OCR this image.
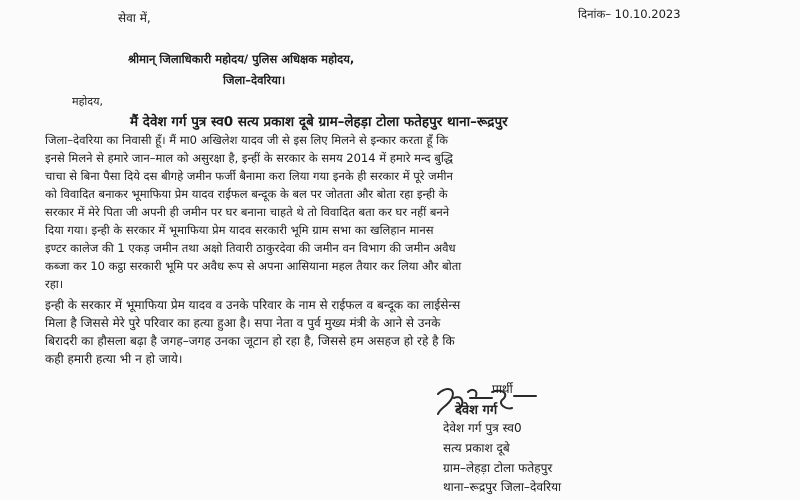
सेवा में,	दिनांक– 10.10.2023
श्रीमान् जिलाधिकारी महोदय/ पुलिस अधिक्षक महोदय,
जिला–देवरिया।
महोदय,
मैं देवेश गर्ग पुत्र स्व0 सत्य प्रकाश दूबे ग्राम–लेहड़ा टोला फतेहपुर थाना–रूद्रपुर
जिला–देवरिया का निवासी हूँ। मैं मा0 अखिलेश यादव जी से इस लिए मिलने से इन्कार करता हूँ कि
इनसे मिलने से हमारे जान–माल को असुरक्षा है, इन्हीं के सरकार के समय 2014 में हमारे मन्द बुद्धि
चाचा से बिना पैसा दिये दस बीगहे जमीन फर्जी बैनामा करा लिया गया इनके ही सरकार में पूरे जमीन
को विवादित बनाकर भूमाफिया प्रेम यादव राईफल बन्दूक के बल पर जोतता और बोता रहा इन्ही के
सरकार में मेरे पिता जी अपनी ही जमीन पर घर बनाना चाहते थे तो विवादित बता कर घर नहीं बनने
दिया गया। इन्ही के सरकार में भूमाफिया प्रेम यादव सरकारी भूमि ग्राम सभा का खलिहान मानस
इण्टर कालेज की 1 एकड़ जमीन तथा अक्षो तिवारी ठाकुरदेवा की जमीन वन विभाग की जमीन अवैध
कब्जा कर 10 कट्ठा सरकारी भूमि पर अवैध रूप से अपना आसियाना महल तैयार कर लिया और बोता
रहा।
इन्ही के सरकार में भूमाफिया प्रेम यादव व उनके परिवार के नाम से राईफल व बन्दूक का लाईसेन्स
मिला है जिससे मेरे पुरे परिवार का हत्या हुआ है। सपा नेता व पुर्व मुख्य मंत्री के आने से उनके
बिरादरी का हौसला बढ़ा है जगह–जगह उनका जूटान हो रहा है, जिससे हम असहज हो रहे है कि
कही हमारी हत्या भी न हो जाये।
प्रार्थी
देवेश गर्ग
देवेश गर्ग पुत्र स्व0
सत्य प्रकाश दूबे
ग्राम–लेहड़ा टोला फतेहपुर
थाना–रूद्रपुर जिला–देवरिया
